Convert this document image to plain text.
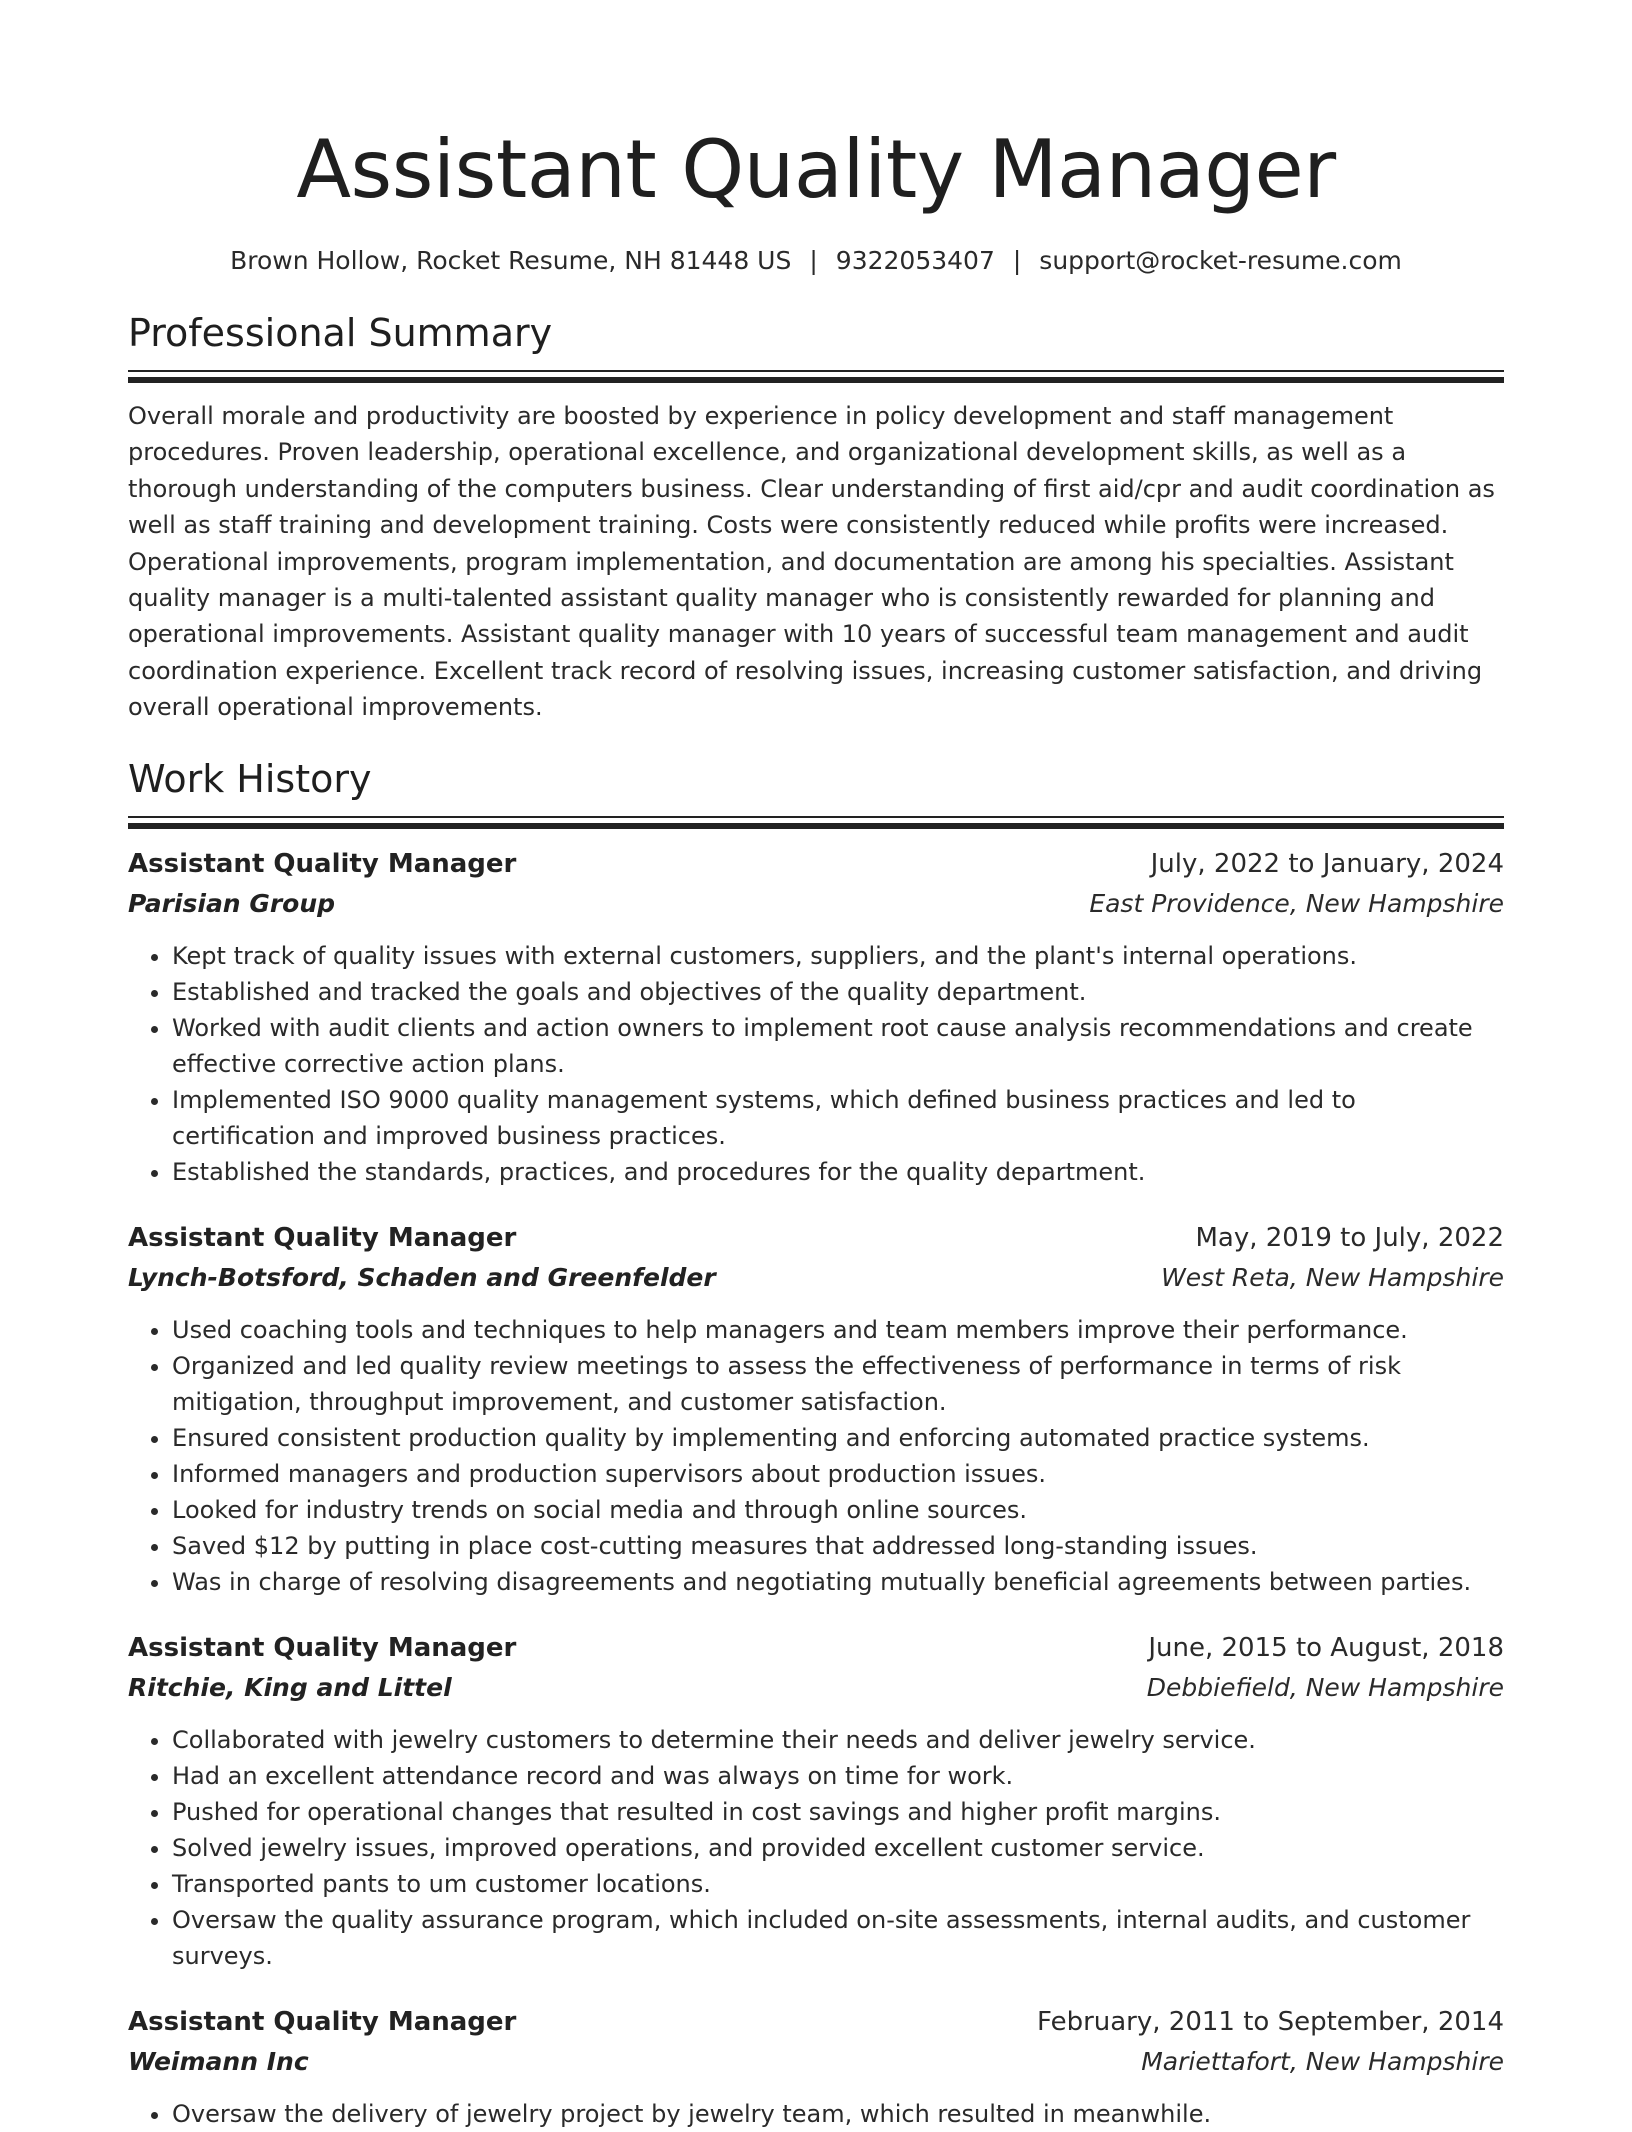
Assistant Quality Manager
Brown Hollow, Rocket Resume, NH 81448 US | 9322053407 | support@rocket-resume.com
Professional Summary
Overall morale and productivity are boosted by experience in policy development and staff management procedures. Proven leadership, operational excellence, and organizational development skills, as well as a thorough understanding of the computers business. Clear understanding of first aid/cpr and audit coordination as well as staff training and development training. Costs were consistently reduced while profits were increased. Operational improvements, program implementation, and documentation are among his specialties. Assistant quality manager is a multi-talented assistant quality manager who is consistently rewarded for planning and operational improvements. Assistant quality manager with 10 years of successful team management and audit coordination experience. Excellent track record of resolving issues, increasing customer satisfaction, and driving overall operational improvements.
Work History
Assistant Quality Manager	July, 2022 to January, 2024
Parisian Group	East Providence, New Hampshire
• Kept track of quality issues with external customers, suppliers, and the plant's internal operations.
• Established and tracked the goals and objectives of the quality department.
• Worked with audit clients and action owners to implement root cause analysis recommendations and create effective corrective action plans.
• Implemented ISO 9000 quality management systems, which defined business practices and led to certification and improved business practices.
• Established the standards, practices, and procedures for the quality department.
Assistant Quality Manager	May, 2019 to July, 2022
Lynch-Botsford, Schaden and Greenfelder	West Reta, New Hampshire
• Used coaching tools and techniques to help managers and team members improve their performance.
• Organized and led quality review meetings to assess the effectiveness of performance in terms of risk mitigation, throughput improvement, and customer satisfaction.
• Ensured consistent production quality by implementing and enforcing automated practice systems.
• Informed managers and production supervisors about production issues.
• Looked for industry trends on social media and through online sources.
• Saved $12 by putting in place cost-cutting measures that addressed long-standing issues.
• Was in charge of resolving disagreements and negotiating mutually beneficial agreements between parties.
Assistant Quality Manager	June, 2015 to August, 2018
Ritchie, King and Littel	Debbiefield, New Hampshire
• Collaborated with jewelry customers to determine their needs and deliver jewelry service.
• Had an excellent attendance record and was always on time for work.
• Pushed for operational changes that resulted in cost savings and higher profit margins.
• Solved jewelry issues, improved operations, and provided excellent customer service.
• Transported pants to um customer locations.
• Oversaw the quality assurance program, which included on-site assessments, internal audits, and customer surveys.
Assistant Quality Manager	February, 2011 to September, 2014
Weimann Inc	Mariettafort, New Hampshire
• Oversaw the delivery of jewelry project by jewelry team, which resulted in meanwhile.
